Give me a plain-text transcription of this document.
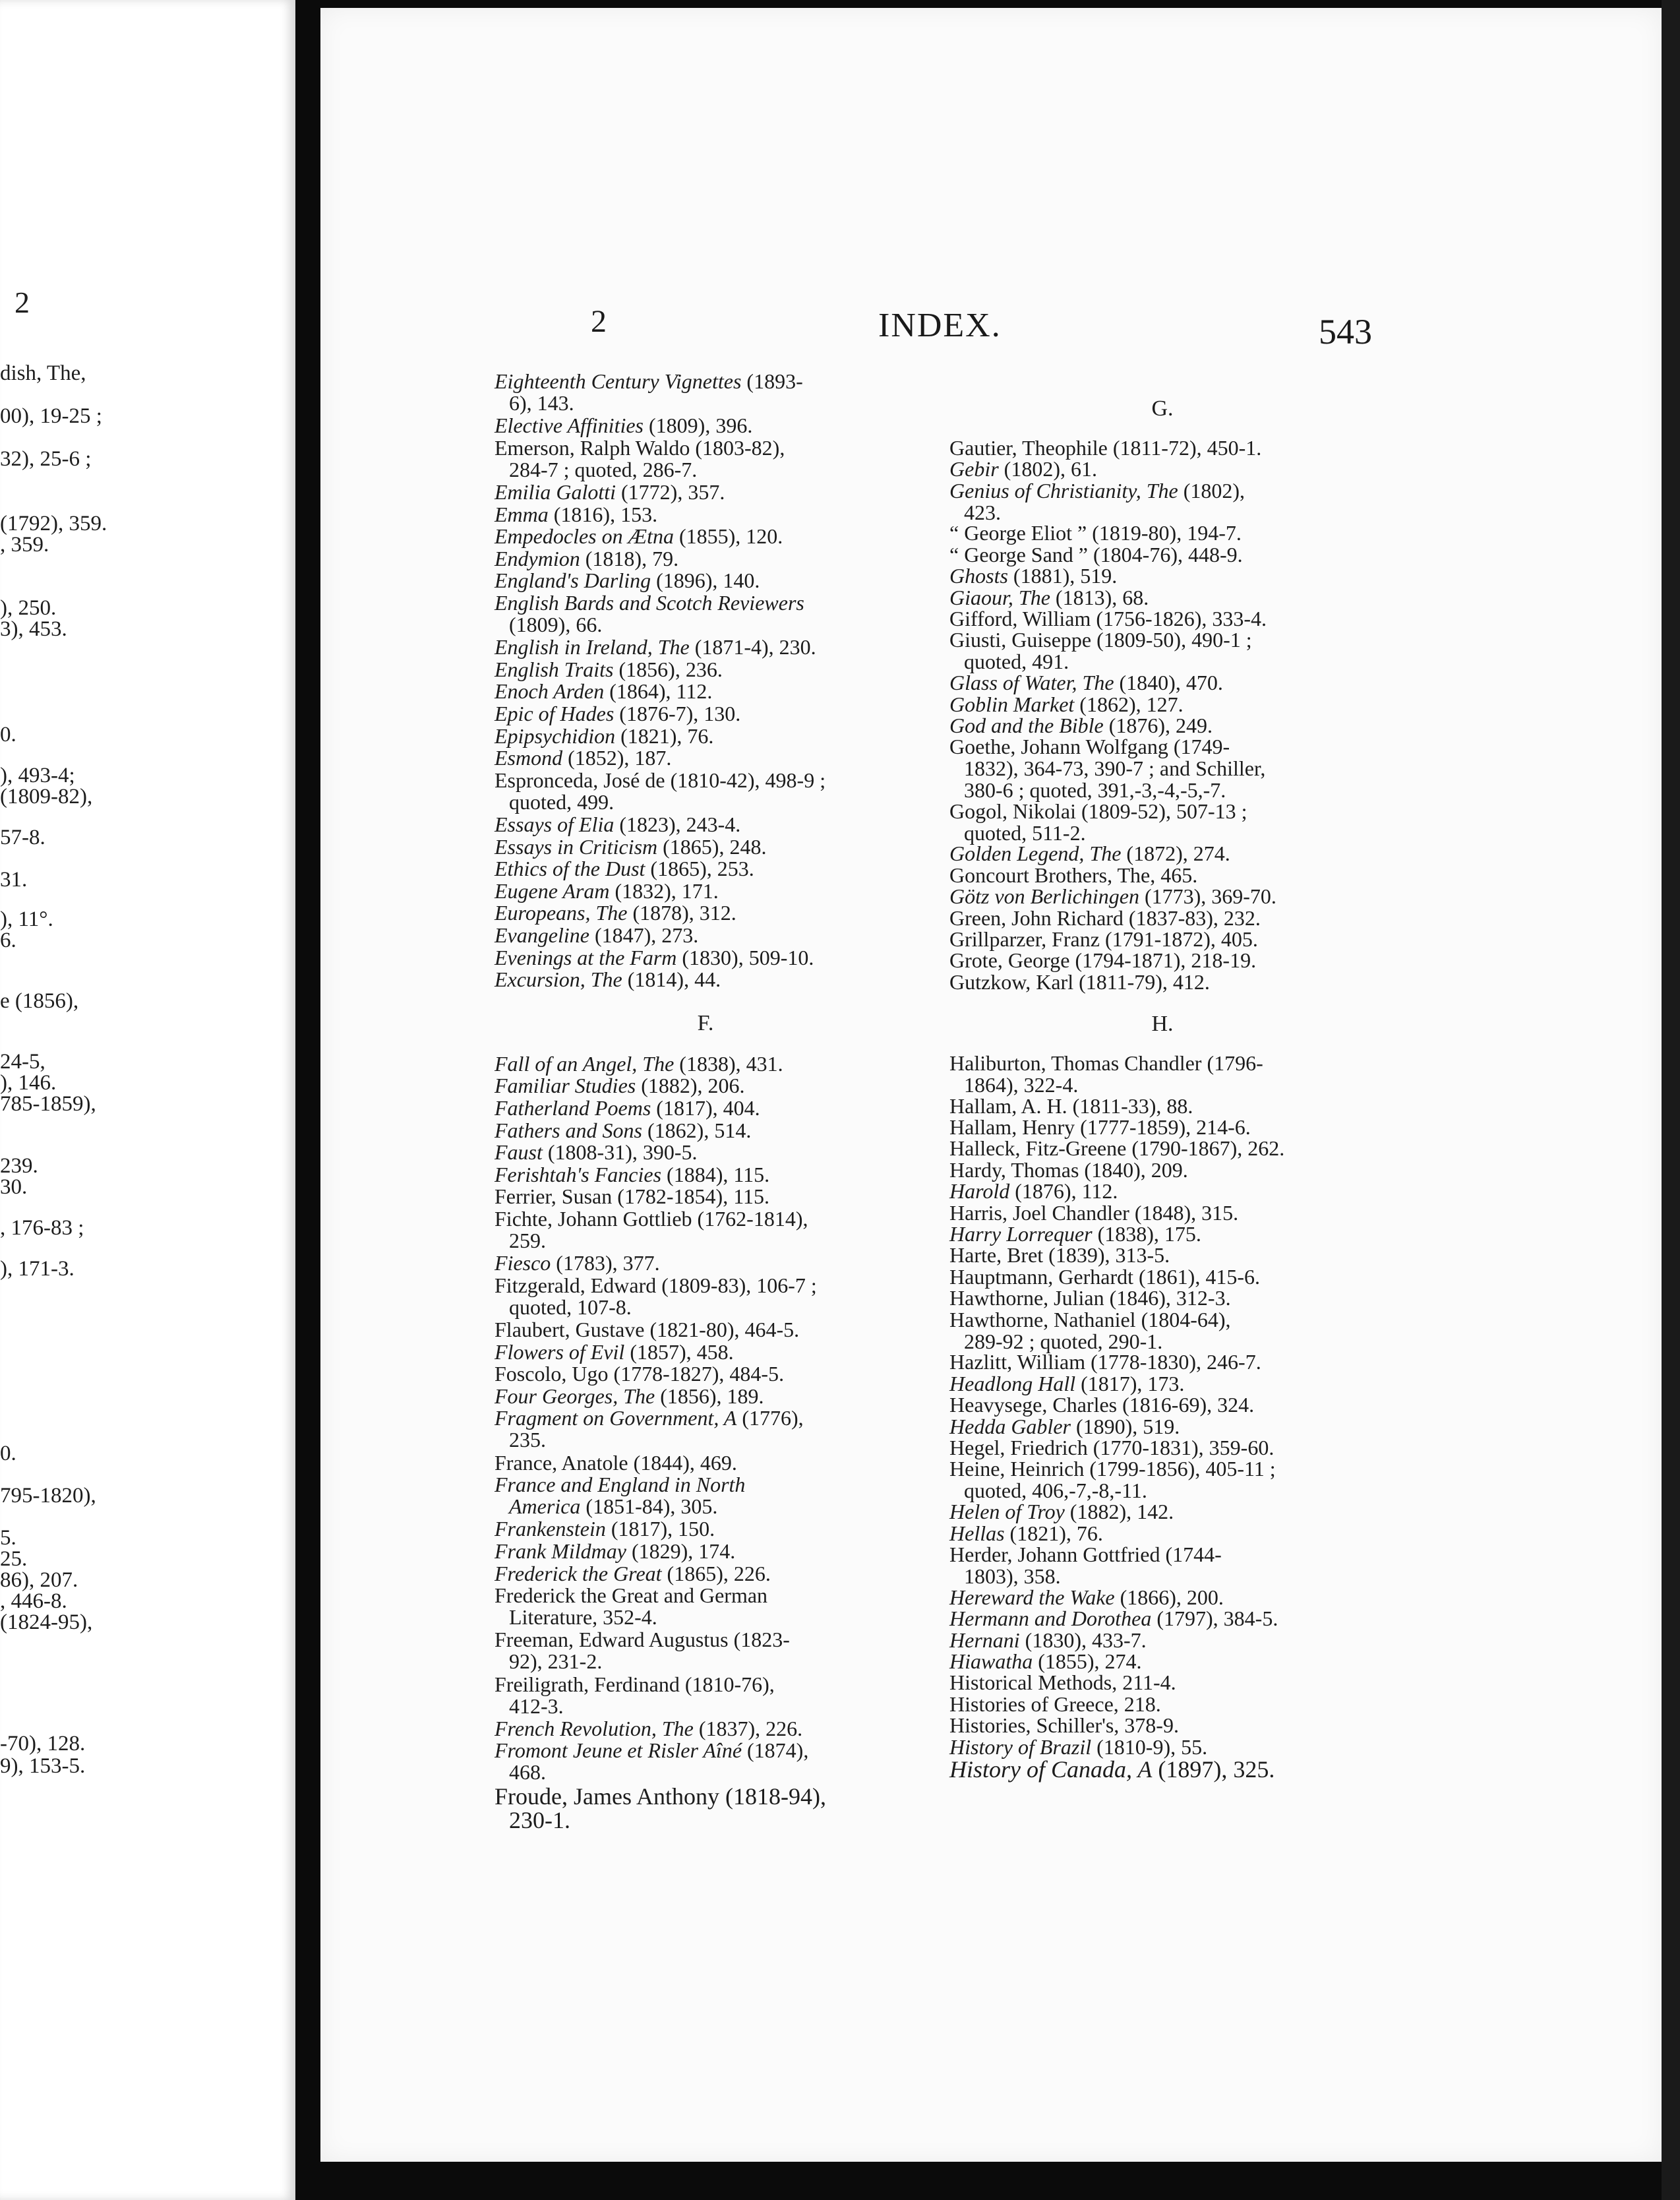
2
dish, The,
00), 19-25 ;
32), 25-6 ;
(1792), 359.
, 359.
), 250.
3), 453.
0.
), 493-4;
(1809-82),
57-8.
31.
), 11°.
6.
e (1856),
24-5,
), 146.
785-1859),
239.
30.
, 176-83 ;
), 171-3.
0.
795-1820),
5.
25.
86), 207.
, 446-8.
(1824-95),
-70), 128.
9), 153-5.
2	INDEX.	543
Eighteenth Century Vignettes (1893-
6), 143.
Elective Affinities (1809), 396.
Emerson, Ralph Waldo (1803-82),
284-7 ; quoted, 286-7.
Emilia Galotti (1772), 357.
Emma (1816), 153.
Empedocles on Ætna (1855), 120.
Endymion (1818), 79.
England's Darling (1896), 140.
English Bards and Scotch Reviewers
(1809), 66.
English in Ireland, The (1871-4), 230.
English Traits (1856), 236.
Enoch Arden (1864), 112.
Epic of Hades (1876-7), 130.
Epipsychidion (1821), 76.
Esmond (1852), 187.
Espronceda, José de (1810-42), 498-9 ;
quoted, 499.
Essays of Elia (1823), 243-4.
Essays in Criticism (1865), 248.
Ethics of the Dust (1865), 253.
Eugene Aram (1832), 171.
Europeans, The (1878), 312.
Evangeline (1847), 273.
Evenings at the Farm (1830), 509-10.
Excursion, The (1814), 44.
F.
Fall of an Angel, The (1838), 431.
Familiar Studies (1882), 206.
Fatherland Poems (1817), 404.
Fathers and Sons (1862), 514.
Faust (1808-31), 390-5.
Ferishtah's Fancies (1884), 115.
Ferrier, Susan (1782-1854), 115.
Fichte, Johann Gottlieb (1762-1814),
259.
Fiesco (1783), 377.
Fitzgerald, Edward (1809-83), 106-7 ;
quoted, 107-8.
Flaubert, Gustave (1821-80), 464-5.
Flowers of Evil (1857), 458.
Foscolo, Ugo (1778-1827), 484-5.
Four Georges, The (1856), 189.
Fragment on Government, A (1776),
235.
France, Anatole (1844), 469.
France and England in North
America (1851-84), 305.
Frankenstein (1817), 150.
Frank Mildmay (1829), 174.
Frederick the Great (1865), 226.
Frederick the Great and German
Literature, 352-4.
Freeman, Edward Augustus (1823-
92), 231-2.
Freiligrath, Ferdinand (1810-76),
412-3.
French Revolution, The (1837), 226.
Fromont Jeune et Risler Aîné (1874),
468.
Froude, James Anthony (1818-94),
230-1.
G.
Gautier, Theophile (1811-72), 450-1.
Gebir (1802), 61.
Genius of Christianity, The (1802),
423.
“ George Eliot ” (1819-80), 194-7.
“ George Sand ” (1804-76), 448-9.
Ghosts (1881), 519.
Giaour, The (1813), 68.
Gifford, William (1756-1826), 333-4.
Giusti, Guiseppe (1809-50), 490-1 ;
quoted, 491.
Glass of Water, The (1840), 470.
Goblin Market (1862), 127.
God and the Bible (1876), 249.
Goethe, Johann Wolfgang (1749-
1832), 364-73, 390-7 ; and Schiller,
380-6 ; quoted, 391,-3,-4,-5,-7.
Gogol, Nikolai (1809-52), 507-13 ;
quoted, 511-2.
Golden Legend, The (1872), 274.
Goncourt Brothers, The, 465.
Götz von Berlichingen (1773), 369-70.
Green, John Richard (1837-83), 232.
Grillparzer, Franz (1791-1872), 405.
Grote, George (1794-1871), 218-19.
Gutzkow, Karl (1811-79), 412.
H.
Haliburton, Thomas Chandler (1796-
1864), 322-4.
Hallam, A. H. (1811-33), 88.
Hallam, Henry (1777-1859), 214-6.
Halleck, Fitz-Greene (1790-1867), 262.
Hardy, Thomas (1840), 209.
Harold (1876), 112.
Harris, Joel Chandler (1848), 315.
Harry Lorrequer (1838), 175.
Harte, Bret (1839), 313-5.
Hauptmann, Gerhardt (1861), 415-6.
Hawthorne, Julian (1846), 312-3.
Hawthorne, Nathaniel (1804-64),
289-92 ; quoted, 290-1.
Hazlitt, William (1778-1830), 246-7.
Headlong Hall (1817), 173.
Heavysege, Charles (1816-69), 324.
Hedda Gabler (1890), 519.
Hegel, Friedrich (1770-1831), 359-60.
Heine, Heinrich (1799-1856), 405-11 ;
quoted, 406,-7,-8,-11.
Helen of Troy (1882), 142.
Hellas (1821), 76.
Herder, Johann Gottfried (1744-
1803), 358.
Hereward the Wake (1866), 200.
Hermann and Dorothea (1797), 384-5.
Hernani (1830), 433-7.
Hiawatha (1855), 274.
Historical Methods, 211-4.
Histories of Greece, 218.
Histories, Schiller's, 378-9.
History of Brazil (1810-9), 55.
History of Canada, A (1897), 325.
